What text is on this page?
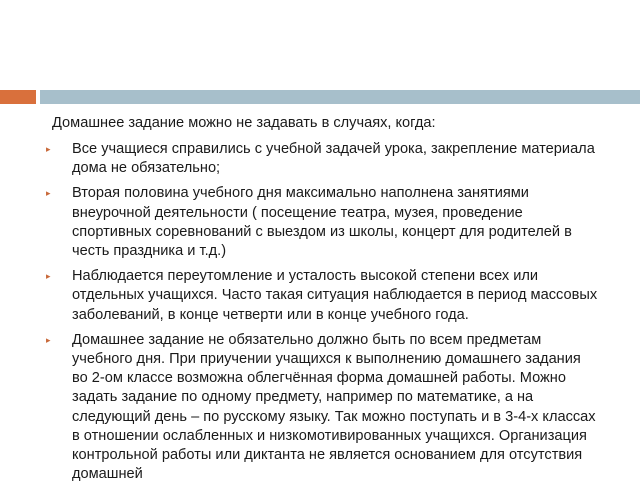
Домашнее задание можно не задавать в случаях, когда:

▸ Все учащиеся справились с учебной задачей урока, закрепление материала дома не обязательно;
▸ Вторая половина учебного дня максимально наполнена занятиями внеурочной деятельности ( посещение театра, музея, проведение спортивных соревнований с выездом из школы, концерт для родителей в честь праздника и т.д.)
▸ Наблюдается переутомление и усталость высокой степени всех или отдельных учащихся. Часто такая ситуация наблюдается в период массовых заболеваний, в конце четверти или в конце учебного года.
▸ Домашнее задание не обязательно должно быть по всем предметам учебного дня. При приучении учащихся к выполнению домашнего задания во 2-ом классе возможна облегчённая форма домашней работы. Можно задать задание по одному предмету, например по математике, а на следующий день – по русскому языку. Так можно поступать и в 3-4-х классах в отношении ослабленных и низкомотивированных учащихся. Организация контрольной работы или диктанта не является основанием для отсутствия домашней
